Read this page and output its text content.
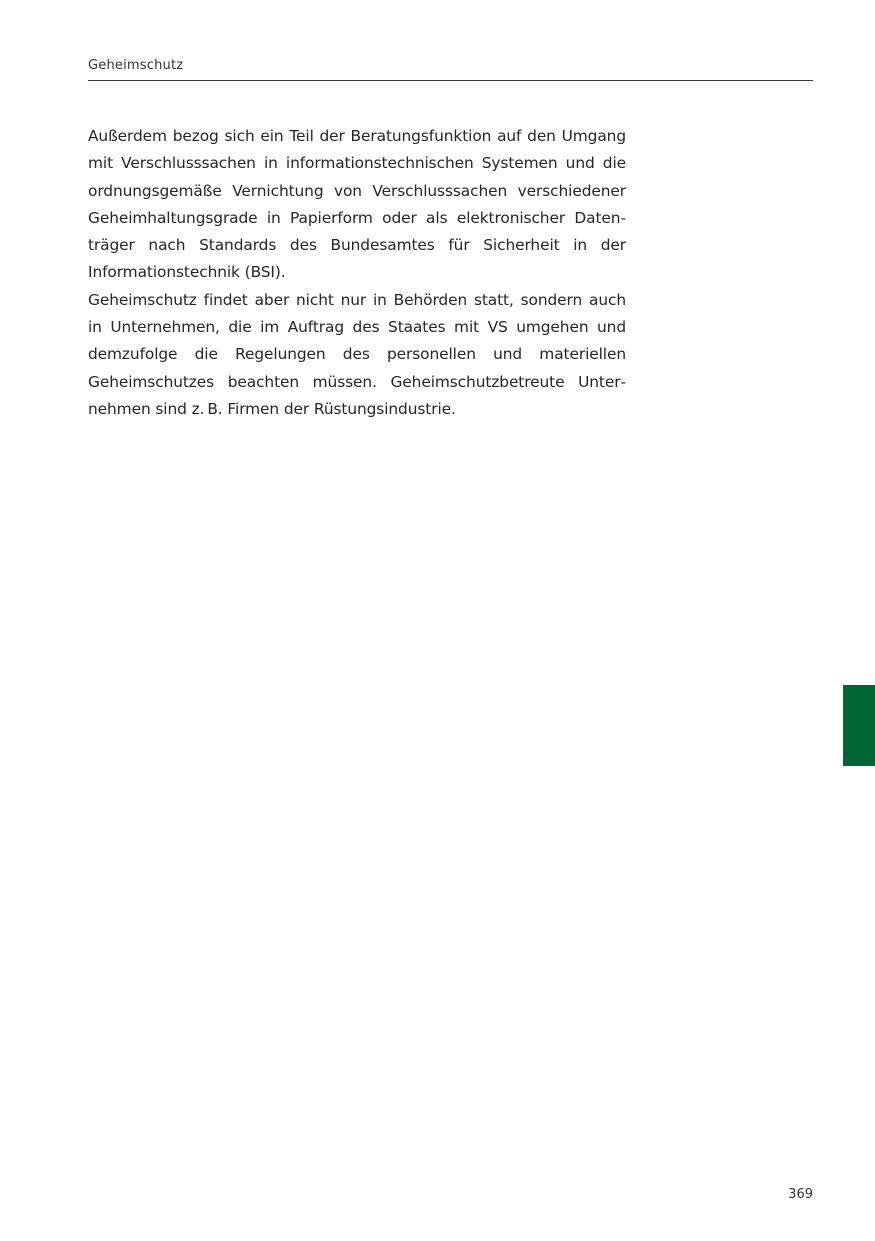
Geheimschutz

Außerdem bezog sich ein Teil der Beratungsfunktion auf den Umgang mit Verschlusssachen in informationstechnischen Systemen und die ordnungsgemäße Vernichtung von Verschlusssachen verschiedener Geheimhaltungsgrade in Papierform oder als elektronischer Datenträger nach Standards des Bundesamtes für Sicherheit in der Informationstechnik (BSI).

Geheimschutz findet aber nicht nur in Behörden statt, sondern auch in Unternehmen, die im Auftrag des Staates mit VS umgehen und demzufolge die Regelungen des personellen und materiellen Geheimschutzes beachten müssen. Geheimschutzbetreute Unternehmen sind z. B. Firmen der Rüstungsindustrie.

369
